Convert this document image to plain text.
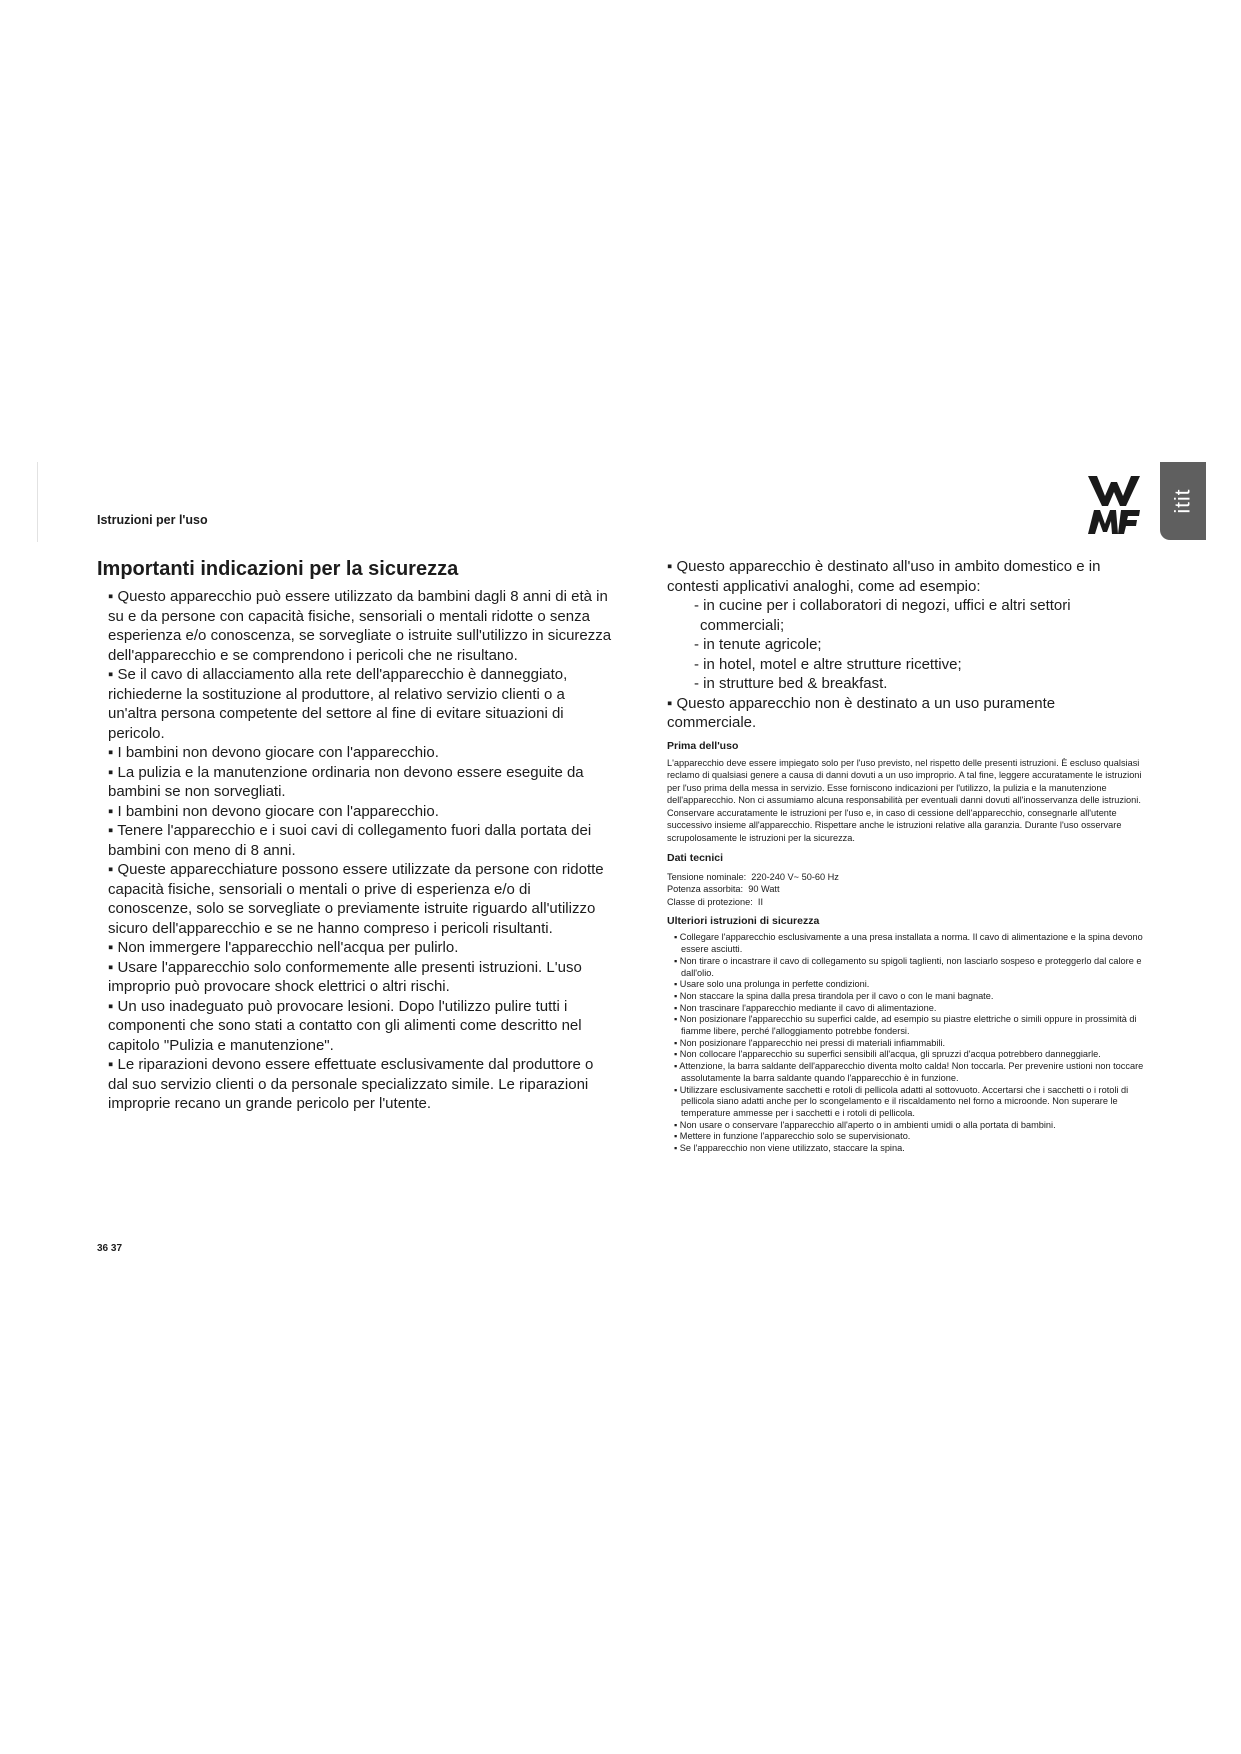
Istruzioni per l'uso
itit
Importanti indicazioni per la sicurezza

▪ Questo apparecchio può essere utilizzato da bambini dagli 8 anni di età in su e da persone con capacità fisiche, sensoriali o mentali ridotte o senza esperienza e/o conoscenza, se sorvegliate o istruite sull'utilizzo in sicurezza dell'apparecchio e se comprendono i pericoli che ne risultano.

▪ Se il cavo di allacciamento alla rete dell'apparecchio è danneggiato, richiederne la sostituzione al produttore, al relativo servizio clienti o a un'altra persona competente del settore al fine di evitare situazioni di pericolo.

▪ I bambini non devono giocare con l'apparecchio.

▪ La pulizia e la manutenzione ordinaria non devono essere eseguite da bambini se non sorvegliati.

▪ I bambini non devono giocare con l'apparecchio.

▪ Tenere l'apparecchio e i suoi cavi di collegamento fuori dalla portata dei bambini con meno di 8 anni.

▪ Queste apparecchiature possono essere utilizzate da persone con ridotte capacità fisiche, sensoriali o mentali o prive di esperienza e/o di conoscenze, solo se sorvegliate o previamente istruite riguardo all'utilizzo sicuro dell'apparecchio e se ne hanno compreso i pericoli risultanti.

▪ Non immergere l'apparecchio nell'acqua per pulirlo.

▪ Usare l'apparecchio solo conformemente alle presenti istruzioni. L'uso improprio può provocare shock elettrici o altri rischi.

▪ Un uso inadeguato può provocare lesioni. Dopo l'utilizzo pulire tutti i componenti che sono stati a contatto con gli alimenti come descritto nel capitolo "Pulizia e manutenzione".

▪ Le riparazioni devono essere effettuate esclusivamente dal produttore o dal suo servizio clienti o da personale specializzato simile. Le riparazioni improprie recano un grande pericolo per l'utente.

▪ Questo apparecchio è destinato all'uso in ambito domestico e in contesti applicativi analoghi, come ad esempio:
- in cucine per i collaboratori di negozi, uffici e altri settori commerciali;
- in tenute agricole;
- in hotel, motel e altre strutture ricettive;
- in strutture bed & breakfast.
▪ Questo apparecchio non è destinato a un uso puramente commerciale.
Prima dell'uso

L'apparecchio deve essere impiegato solo per l'uso previsto, nel rispetto delle presenti istruzioni. È escluso qualsiasi reclamo di qualsiasi genere a causa di danni dovuti a un uso improprio. A tal fine, leggere accuratamente le istruzioni per l'uso prima della messa in servizio. Esse forniscono indicazioni per l'utilizzo, la pulizia e la manutenzione dell'apparecchio. Non ci assumiamo alcuna responsabilità per eventuali danni dovuti all'inosservanza delle istruzioni.

Conservare accuratamente le istruzioni per l'uso e, in caso di cessione dell'apparecchio, consegnarle all'utente successivo insieme all'apparecchio. Rispettare anche le istruzioni relative alla garanzia. Durante l'uso osservare scrupolosamente le istruzioni per la sicurezza.

Dati tecnici
Tensione nominale: 220-240 V~ 50-60 Hz
Potenza assorbita: 90 Watt
Classe di protezione: II
Ulteriori istruzioni di sicurezza
▪ Collegare l'apparecchio esclusivamente a una presa installata a norma. Il cavo di alimentazione e la spina devono essere asciutti.
▪ Non tirare o incastrare il cavo di collegamento su spigoli taglienti, non lasciarlo sospeso e proteggerlo dal calore e dall'olio.
▪ Usare solo una prolunga in perfette condizioni.
▪ Non staccare la spina dalla presa tirandola per il cavo o con le mani bagnate.
▪ Non trascinare l'apparecchio mediante il cavo di alimentazione.
▪ Non posizionare l'apparecchio su superfici calde, ad esempio su piastre elettriche o simili oppure in prossimità di fiamme libere, perché l'alloggiamento potrebbe fondersi.
▪ Non posizionare l'apparecchio nei pressi di materiali infiammabili.
▪ Non collocare l'apparecchio su superfici sensibili all'acqua, gli spruzzi d'acqua potrebbero danneggiarle.
▪ Attenzione, la barra saldante dell'apparecchio diventa molto calda! Non toccarla. Per prevenire ustioni non toccare assolutamente la barra saldante quando l'apparecchio è in funzione.
▪ Utilizzare esclusivamente sacchetti e rotoli di pellicola adatti al sottovuoto. Accertarsi che i sacchetti o i rotoli di pellicola siano adatti anche per lo scongelamento e il riscaldamento nel forno a microonde. Non superare le temperature ammesse per i sacchetti e i rotoli di pellicola.
▪ Non usare o conservare l'apparecchio all'aperto o in ambienti umidi o alla portata di bambini.
▪ Mettere in funzione l'apparecchio solo se supervisionato.
▪ Se l'apparecchio non viene utilizzato, staccare la spina.
36 37
